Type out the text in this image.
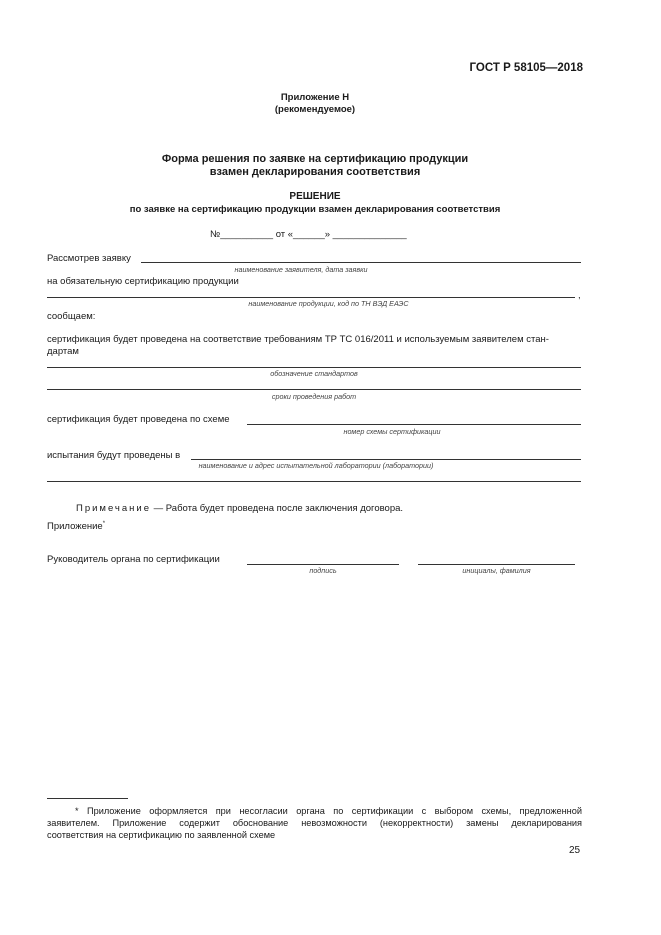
ГОСТ Р 58105—2018
Приложение Н
(рекомендуемое)
Форма решения по заявке на сертификацию продукции
взамен декларирования соответствия
РЕШЕНИЕ
по заявке на сертификацию продукции взамен декларирования соответствия
№__________ от «______» ______________
Рассмотрев заявку
наименование заявителя, дата заявки
на обязательную сертификацию продукции
,
наименование продукции, код по ТН ВЭД ЕАЭС
сообщаем:
сертификация будет проведена на соответствие требованиям ТР ТС 016/2011 и используемым заявителем стан-
дартам
обозначение стандартов
сроки проведения работ
сертификация будет проведена по схеме
номер схемы сертификации
испытания будут проведены в
наименование и адрес испытательной лаборатории (лаборатории)
Примечание — Работа будет проведена после заключения договора.
Приложение*
Руководитель органа по сертификации
подпись	инициалы, фамилия
* Приложение оформляется при несогласии органа по сертификации с выбором схемы, предложенной
заявителем. Приложение содержит обоснование невозможности (некорректности) замены декларирования
соответствия на сертификацию по заявленной схеме
25
